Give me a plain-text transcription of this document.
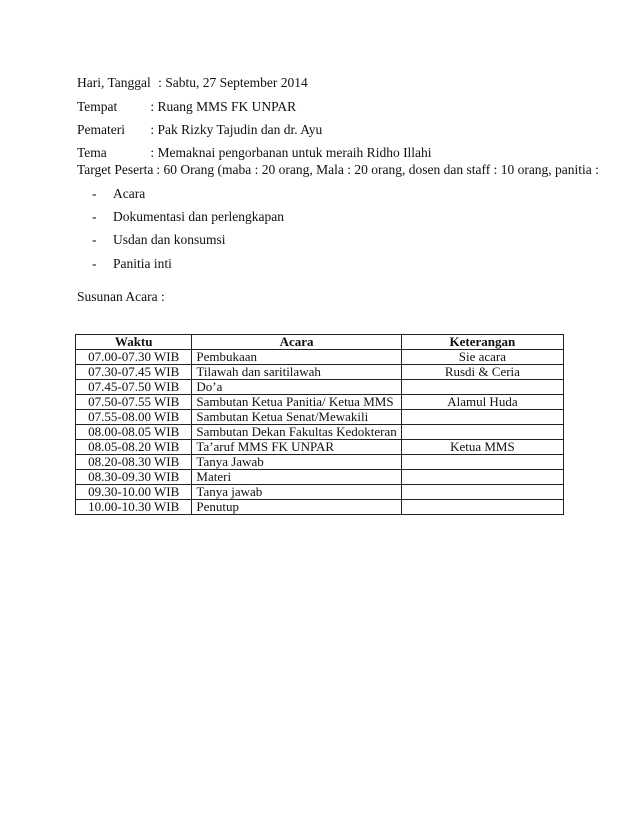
Hari, Tanggal : Sabtu, 27 September 2014
Tempat : Ruang MMS FK UNPAR
Pemateri : Pak Rizky Tajudin dan dr. Ayu
Tema	: Memaknai pengorbanan untuk meraih Ridho Illahi
Target Peserta : 60 Orang (maba : 20 orang, Mala : 20 orang, dosen dan staff : 10 orang, panitia :
- Acara
- Dokumentasi dan perlengkapan
- Usdan dan konsumsi
- Panitia inti
Susunan Acara :
Waktu	Acara	Keterangan
07.00-07.30 WIB	Pembukaan	Sie acara
07.30-07.45 WIB	Tilawah dan saritilawah	Rusdi & Ceria
07.45-07.50 WIB	Do’a	
07.50-07.55 WIB	Sambutan Ketua Panitia/ Ketua MMS	Alamul Huda
07.55-08.00 WIB	Sambutan Ketua Senat/Mewakili	
08.00-08.05 WIB	Sambutan Dekan Fakultas Kedokteran	
08.05-08.20 WIB	Ta’aruf MMS FK UNPAR	Ketua MMS
08.20-08.30 WIB	Tanya Jawab	
08.30-09.30 WIB	Materi	
09.30-10.00 WIB	Tanya jawab	
10.00-10.30 WIB	Penutup	
